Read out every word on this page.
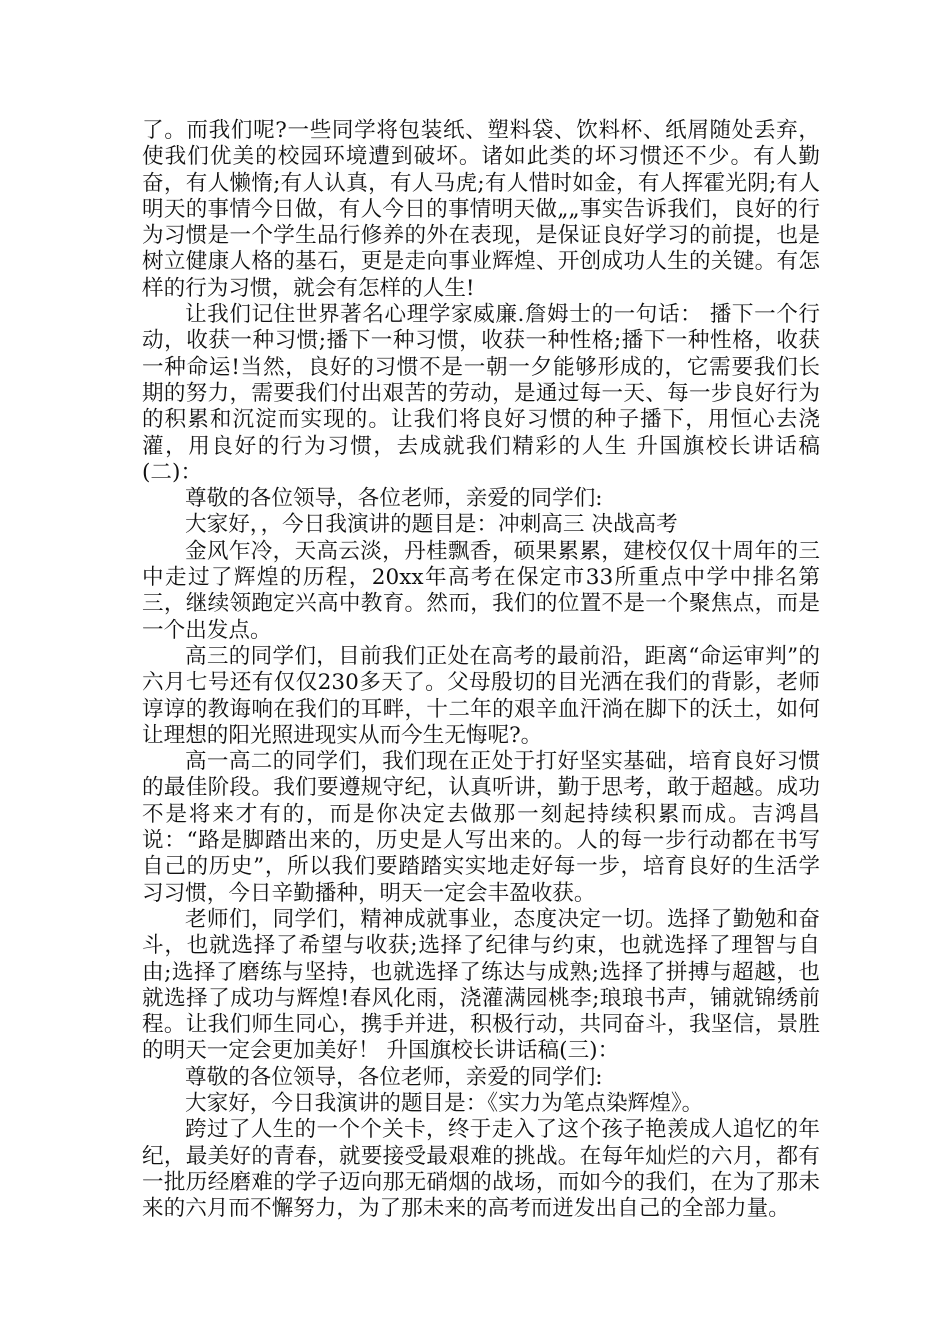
了。而我们呢?一些同学将包装纸、塑料袋、饮料杯、纸屑随处丢弃，使我们优美的校园环境遭到破坏。诸如此类的坏习惯还不少。有人勤奋，有人懒惰;有人认真，有人马虎;有人惜时如金，有人挥霍光阴;有人明天的事情今日做，有人今日的事情明天做„„事实告诉我们，良好的行为习惯是一个学生品行修养的外在表现，是保证良好学习的前提，也是树立健康人格的基石，更是走向事业辉煌、开创成功人生的关键。有怎样的行为习惯，就会有怎样的人生!

让我们记住世界著名心理学家威廉.詹姆士的一句话： 播下一个行动，收获一种习惯;播下一种习惯，收获一种性格;播下一种性格，收获一种命运!当然，良好的习惯不是一朝一夕能够形成的，它需要我们长期的努力，需要我们付出艰苦的劳动，是通过每一天、每一步良好行为的积累和沉淀而实现的。让我们将良好习惯的种子播下，用恒心去浇灌，用良好的行为习惯，去成就我们精彩的人生 升国旗校长讲话稿(二)：

尊敬的各位领导，各位老师，亲爱的同学们:

大家好，，今日我演讲的题目是：冲刺高三 决战高考

金风乍冷，天高云淡，丹桂飘香，硕果累累，建校仅仅十周年的三中走过了辉煌的历程，20xx年高考在保定市33所重点中学中排名第三，继续领跑定兴高中教育。然而，我们的位置不是一个聚焦点，而是一个出发点。

高三的同学们，目前我们正处在高考的最前沿，距离“命运审判”的六月七号还有仅仅230多天了。父母殷切的目光洒在我们的背影，老师谆谆的教诲响在我们的耳畔，十二年的艰辛血汗淌在脚下的沃土，如何让理想的阳光照进现实从而今生无悔呢?。

高一高二的同学们，我们现在正处于打好坚实基础，培育良好习惯的最佳阶段。我们要遵规守纪，认真听讲，勤于思考，敢于超越。成功不是将来才有的，而是你决定去做那一刻起持续积累而成。吉鸿昌说：“路是脚踏出来的，历史是人写出来的。人的每一步行动都在书写自己的历史”，所以我们要踏踏实实地走好每一步，培育良好的生活学习习惯，今日辛勤播种，明天一定会丰盈收获。

老师们，同学们，精神成就事业，态度决定一切。选择了勤勉和奋斗，也就选择了希望与收获;选择了纪律与约束，也就选择了理智与自由;选择了磨练与坚持，也就选择了练达与成熟;选择了拼搏与超越，也就选择了成功与辉煌!春风化雨，浇灌满园桃李;琅琅书声，铺就锦绣前程。让我们师生同心，携手并进，积极行动，共同奋斗，我坚信，景胜的明天一定会更加美好！ 升国旗校长讲话稿(三)：

尊敬的各位领导，各位老师，亲爱的同学们:

大家好，今日我演讲的题目是：《实力为笔点染辉煌》。

跨过了人生的一个个关卡，终于走入了这个孩子艳羡成人追忆的年纪，最美好的青春，就要接受最艰难的挑战。在每年灿烂的六月，都有一批历经磨难的学子迈向那无硝烟的战场，而如今的我们，在为了那未来的六月而不懈努力，为了那未来的高考而迸发出自己的全部力量。
